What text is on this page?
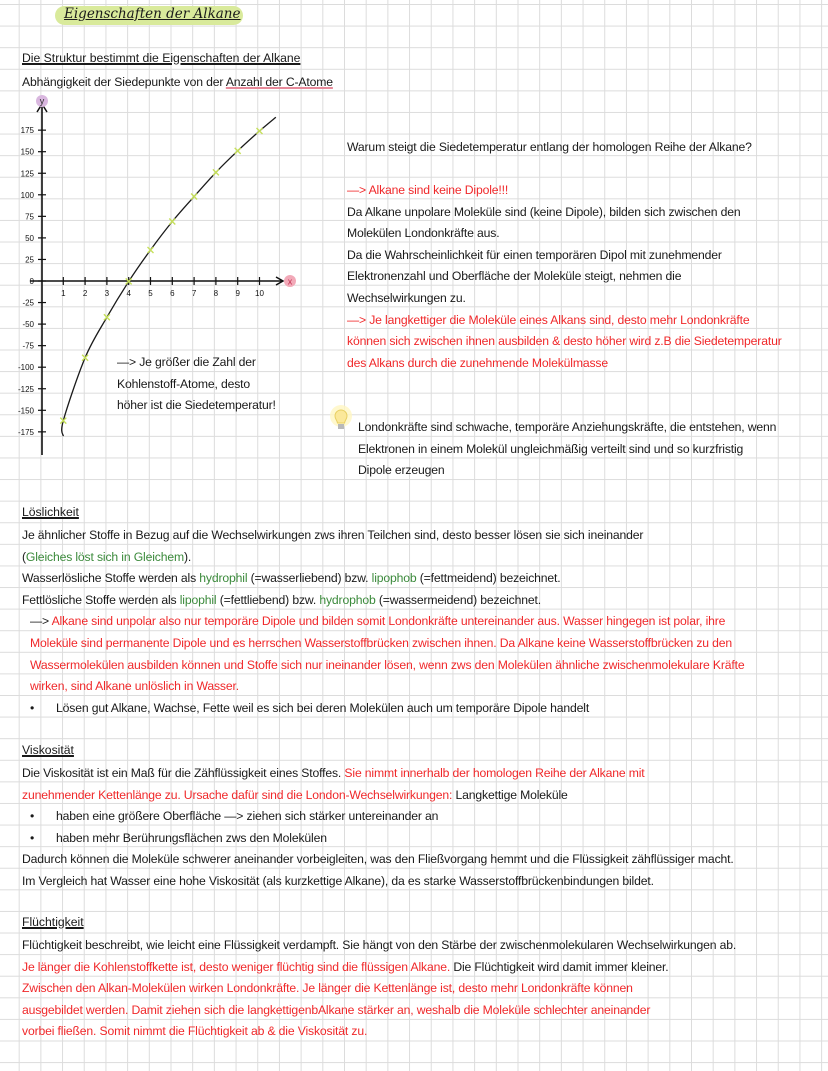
Eigenschaften der Alkane
Die Struktur bestimmt die Eigenschaften der Alkane
Abhängigkeit der Siedepunkte von der Anzahl der C-Atome
y
x
175
150
125
100
75
50
25
0
-25
-50
-75
-100
-125
-150
-175
1 2 3 4 5 6 7 8 9 10
—> Je größer die Zahl der
Kohlenstoff-Atome, desto
höher ist die Siedetemperatur!
Warum steigt die Siedetemperatur entlang der homologen Reihe der Alkane?
—> Alkane sind keine Dipole!!!
Da Alkane unpolare Moleküle sind (keine Dipole), bilden sich zwischen den
Molekülen Londonkräfte aus.
Da die Wahrscheinlichkeit für einen temporären Dipol mit zunehmender
Elektronenzahl und Oberfläche der Moleküle steigt, nehmen die
Wechselwirkungen zu.
—> Je langkettiger die Moleküle eines Alkans sind, desto mehr Londonkräfte
können sich zwischen ihnen ausbilden & desto höher wird z.B die Siedetemperatur
des Alkans durch die zunehmende Molekülmasse
Londonkräfte sind schwache, temporäre Anziehungskräfte, die entstehen, wenn
Elektronen in einem Molekül ungleichmäßig verteilt sind und so kurzfristig
Dipole erzeugen
Löslichkeit
Je ähnlicher Stoffe in Bezug auf die Wechselwirkungen zws ihren Teilchen sind, desto besser lösen sie sich ineinander
(Gleiches löst sich in Gleichem).
Wasserlösliche Stoffe werden als hydrophil (=wasserliebend) bzw. lipophob (=fettmeidend) bezeichnet.
Fettlösliche Stoffe werden als lipophil (=fettliebend) bzw. hydrophob (=wassermeidend) bezeichnet.
—> Alkane sind unpolar also nur temporäre Dipole und bilden somit Londonkräfte untereinander aus. Wasser hingegen ist polar, ihre
Moleküle sind permanente Dipole und es herrschen Wasserstoffbrücken zwischen ihnen. Da Alkane keine Wasserstoffbrücken zu den
Wassermolekülen ausbilden können und Stoffe sich nur ineinander lösen, wenn zws den Molekülen ähnliche zwischenmolekulare Kräfte
wirken, sind Alkane unlöslich in Wasser.
• Lösen gut Alkane, Wachse, Fette weil es sich bei deren Molekülen auch um temporäre Dipole handelt
Viskosität
Die Viskosität ist ein Maß für die Zähflüssigkeit eines Stoffes. Sie nimmt innerhalb der homologen Reihe der Alkane mit
zunehmender Kettenlänge zu. Ursache dafür sind die London-Wechselwirkungen: Langkettige Moleküle
• haben eine größere Oberfläche —> ziehen sich stärker untereinander an
• haben mehr Berührungsflächen zws den Molekülen
Dadurch können die Moleküle schwerer aneinander vorbeigleiten, was den Fließvorgang hemmt und die Flüssigkeit zähflüssiger macht.
Im Vergleich hat Wasser eine hohe Viskosität (als kurzkettige Alkane), da es starke Wasserstoffbrückenbindungen bildet.
Flüchtigkeit
Flüchtigkeit beschreibt, wie leicht eine Flüssigkeit verdampft. Sie hängt von den Stärbe der zwischenmolekularen Wechselwirkungen ab.
Je länger die Kohlenstoffkette ist, desto weniger flüchtig sind die flüssigen Alkane. Die Flüchtigkeit wird damit immer kleiner.
Zwischen den Alkan-Molekülen wirken Londonkräfte. Je länger die Kettenlänge ist, desto mehr Londonkräfte können
ausgebildet werden. Damit ziehen sich die langkettigenbAlkane stärker an, weshalb die Moleküle schlechter aneinander
vorbei fließen. Somit nimmt die Flüchtigkeit ab & die Viskosität zu.
